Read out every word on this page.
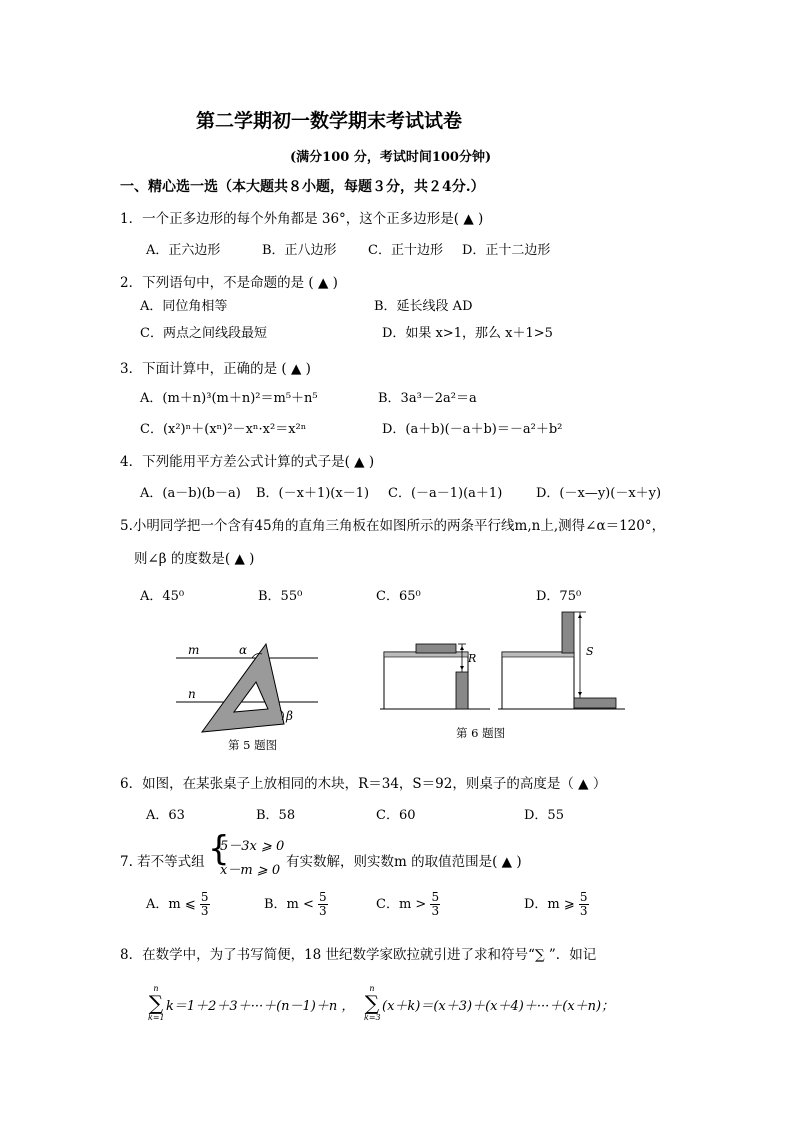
第二学期初一数学期末考试试卷
(满分100 分，考试时间100分钟)
一、精心选一选（本大题共８小题，每题３分，共２4分.）
1．一个正多边形的每个外角都是 36°，这个正多边形是( ▲ )
A．正六边形	B．正八边形 C．正十边形 D．正十二边形
2．下列语句中，不是命题的是 ( ▲ )
A．同位角相等	B．延长线段 AD
C．两点之间线段最短	D．如果 x>1，那么 x＋1>5
3．下面计算中，正确的是 ( ▲ )
A．(m＋n)³(m＋n)²＝m⁵＋n⁵	B．3a³－2a²＝a
C．(x²)ⁿ＋(xⁿ)²－xⁿ·x²＝x²ⁿ	D．(a＋b)(－a＋b)＝－a²＋b²
4．下列能用平方差公式计算的式子是( ▲ )
A．(a－b)(b－a) B．(－x＋1)(x－1) C．(－a－1)(a＋1)	D．(－x—y)(－x＋y)
5.小明同学把一个含有45角的直角三角板在如图所示的两条平行线m,n上,测得∠α＝120°，
则∠β 的度数是( ▲ )
A．45⁰	B．55⁰	C．65⁰	D．75⁰
m
n
α
β
第 5 题图
R
S
第 6 题图
6．如图，在某张桌子上放相同的木块，R＝34，S＝92，则桌子的高度是（ ▲ ）
A．63	B．58	C．60	D．55
7. 若不等式组 {
5－3x ⩾ 0
x－m ⩾ 0
有实数解，则实数m 的取值范围是( ▲ )
A．m ⩽ $\frac{5}{3}$	B．$m < \frac{5}{3}$	C．$m > \frac{5}{3}$	D．m ⩾ $\frac{5}{3}$
8．在数学中，为了书写简便，18 世纪数学家欧拉就引进了求和符号“∑ ”．如记
n
∑
k=1
k＝1＋2＋3＋···＋(n－1)＋n ，
n
∑
k=3
(x＋k)＝(x＋3)＋(x＋4)＋···＋(x＋n)；
